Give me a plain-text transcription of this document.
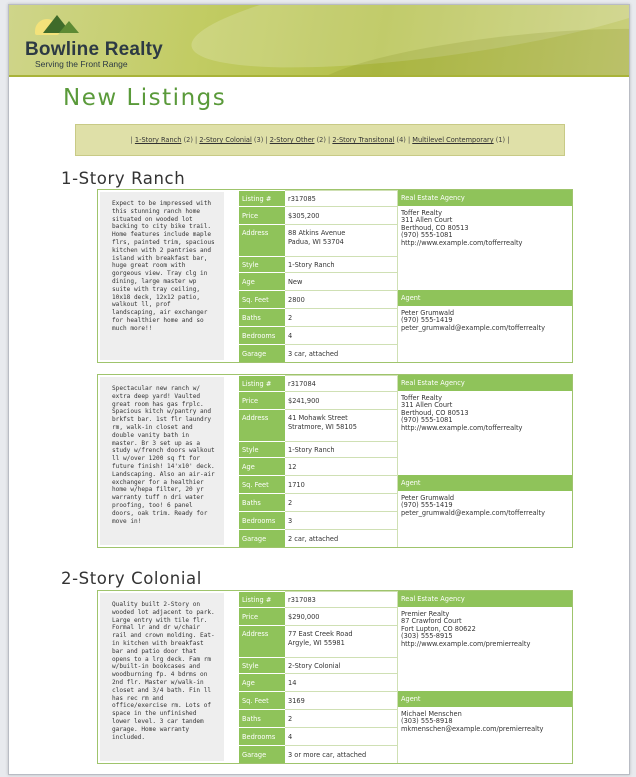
Bowline Realty
Serving the Front Range
New Listings
| 1-Story Ranch (2) | 2-Story Colonial (3) | 2-Story Other (2) | 2-Story Transitonal (4) | Multilevel Contemporary (1) |
1-Story Ranch
Expect to be impressed with this stunning ranch home situated on wooded lot backing to city bike trail. Home features include maple flrs, painted trim, spacious kitchen with 2 pantries and island with breakfast bar, huge great room with gorgeous view. Tray clg in dining, large master wp suite with tray ceiling, 10x18 deck, 12x12 patio, walkout ll, prof landscaping, air exchanger for healthier home and so much more!!
Listing #	r317085
Price	$305,200
Address	88 Atkins Avenue
Padua, WI 53704
Style	1-Story Ranch
Age	New
Sq. Feet	2800
Baths	2
Bedrooms	4
Garage	3 car, attached
Real Estate Agency
Toffer Realty
311 Allen Court
Berthoud, CO 80513
(970) 555-1081
http://www.example.com/tofferrealty
Agent
Peter Grumwald
(970) 555-1419
peter_grumwald@example.com/tofferrealty
Spectacular new ranch w/ extra deep yard! Vaulted great room has gas frplc. Spacious kitch w/pantry and brkfst bar. 1st flr laundry rm, walk-in closet and double vanity bath in master. Br 3 set up as a study w/french doors walkout ll w/over 1200 sq ft for future finish! 14'x10' deck. Landscaping. Also an air-air exchanger for a healthier home w/hepa filter, 20 yr warranty tuff n dri water proofing, too! 6 panel doors, oak trim. Ready for move in!
Listing #	r317084
Price	$241,900
Address	41 Mohawk Street
Stratmore, WI 58105
Style	1-Story Ranch
Age	12
Sq. Feet	1710
Baths	2
Bedrooms	3
Garage	2 car, attached
Real Estate Agency
Toffer Realty
311 Allen Court
Berthoud, CO 80513
(970) 555-1081
http://www.example.com/tofferrealty
Agent
Peter Grumwald
(970) 555-1419
peter_grumwald@example.com/tofferrealty
2-Story Colonial
Quality built 2-Story on wooded lot adjacent to park. Large entry with tile flr. Formal lr and dr w/chair rail and crown molding. Eat-in kitchen with breakfast bar and patio door that opens to a lrg deck. Fam rm w/built-in bookcases and woodburning fp. 4 bdrms on 2nd flr. Master w/walk-in closet and 3/4 bath. Fin ll has rec rm and office/exercise rm. Lots of space in the unfinished lower level. 3 car tandem garage. Home warranty included.
Listing #	r317083
Price	$290,000
Address	77 East Creek Road
Argyle, WI 55981
Style	2-Story Colonial
Age	14
Sq. Feet	3169
Baths	2
Bedrooms	4
Garage	3 or more car, attached
Real Estate Agency
Premier Realty
87 Crawford Court
Fort Lupton, CO 80622
(303) 555-8915
http://www.example.com/premierrealty
Agent
Michael Menschen
(303) 555-8918
mkmenschen@example.com/premierrealty
